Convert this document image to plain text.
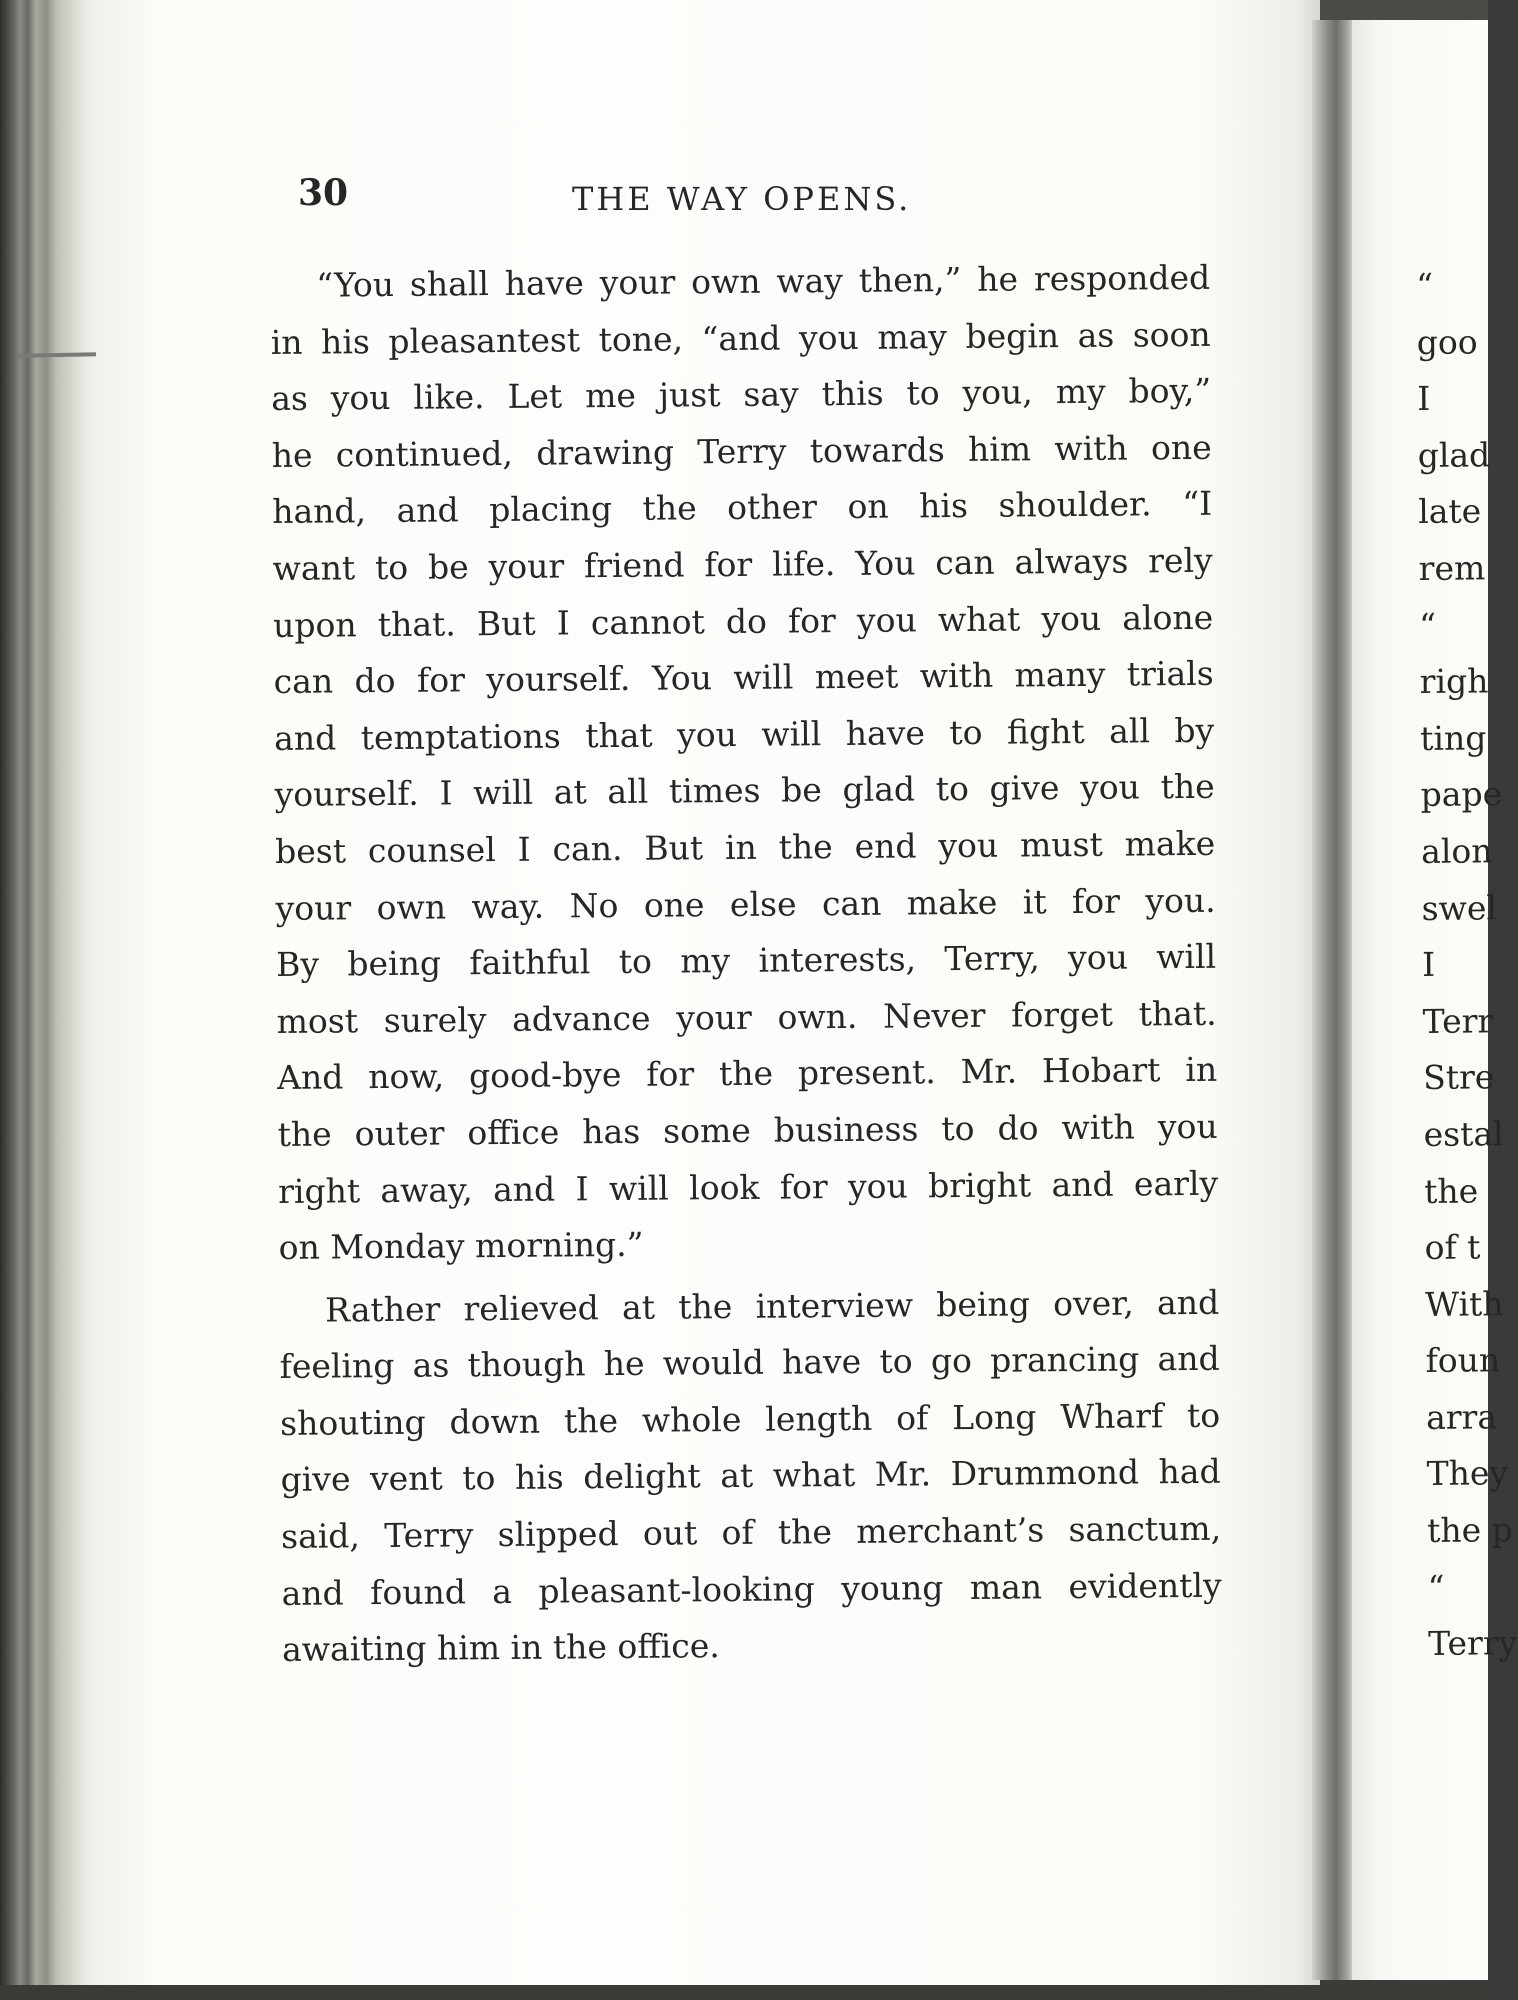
30	THE WAY OPENS.
“You shall have your own way then,” he responded
in his pleasantest tone, “and you may begin as soon
as you like. Let me just say this to you, my boy,”
he continued, drawing Terry towards him with one
hand, and placing the other on his shoulder. “I
want to be your friend for life. You can always rely
upon that. But I cannot do for you what you alone
can do for yourself. You will meet with many trials
and temptations that you will have to fight all by
yourself. I will at all times be glad to give you the
best counsel I can. But in the end you must make
your own way. No one else can make it for you.
By being faithful to my interests, Terry, you will
most surely advance your own. Never forget that.
And now, good-bye for the present. Mr. Hobart in
the outer office has some business to do with you
right away, and I will look for you bright and early
on Monday morning.”
Rather relieved at the interview being over, and
feeling as though he would have to go prancing and
shouting down the whole length of Long Wharf to
give vent to his delight at what Mr. Drummond had
said, Terry slipped out of the merchant’s sanctum,
and found a pleasant-looking young man evidently
awaiting him in the office.
“
goo
I
glad
late
rem
“
righ
ting
pape
alon
swel
I
Terr
Stre
estal
the
of t
With
foun
arra
They
the p
“
Terry
